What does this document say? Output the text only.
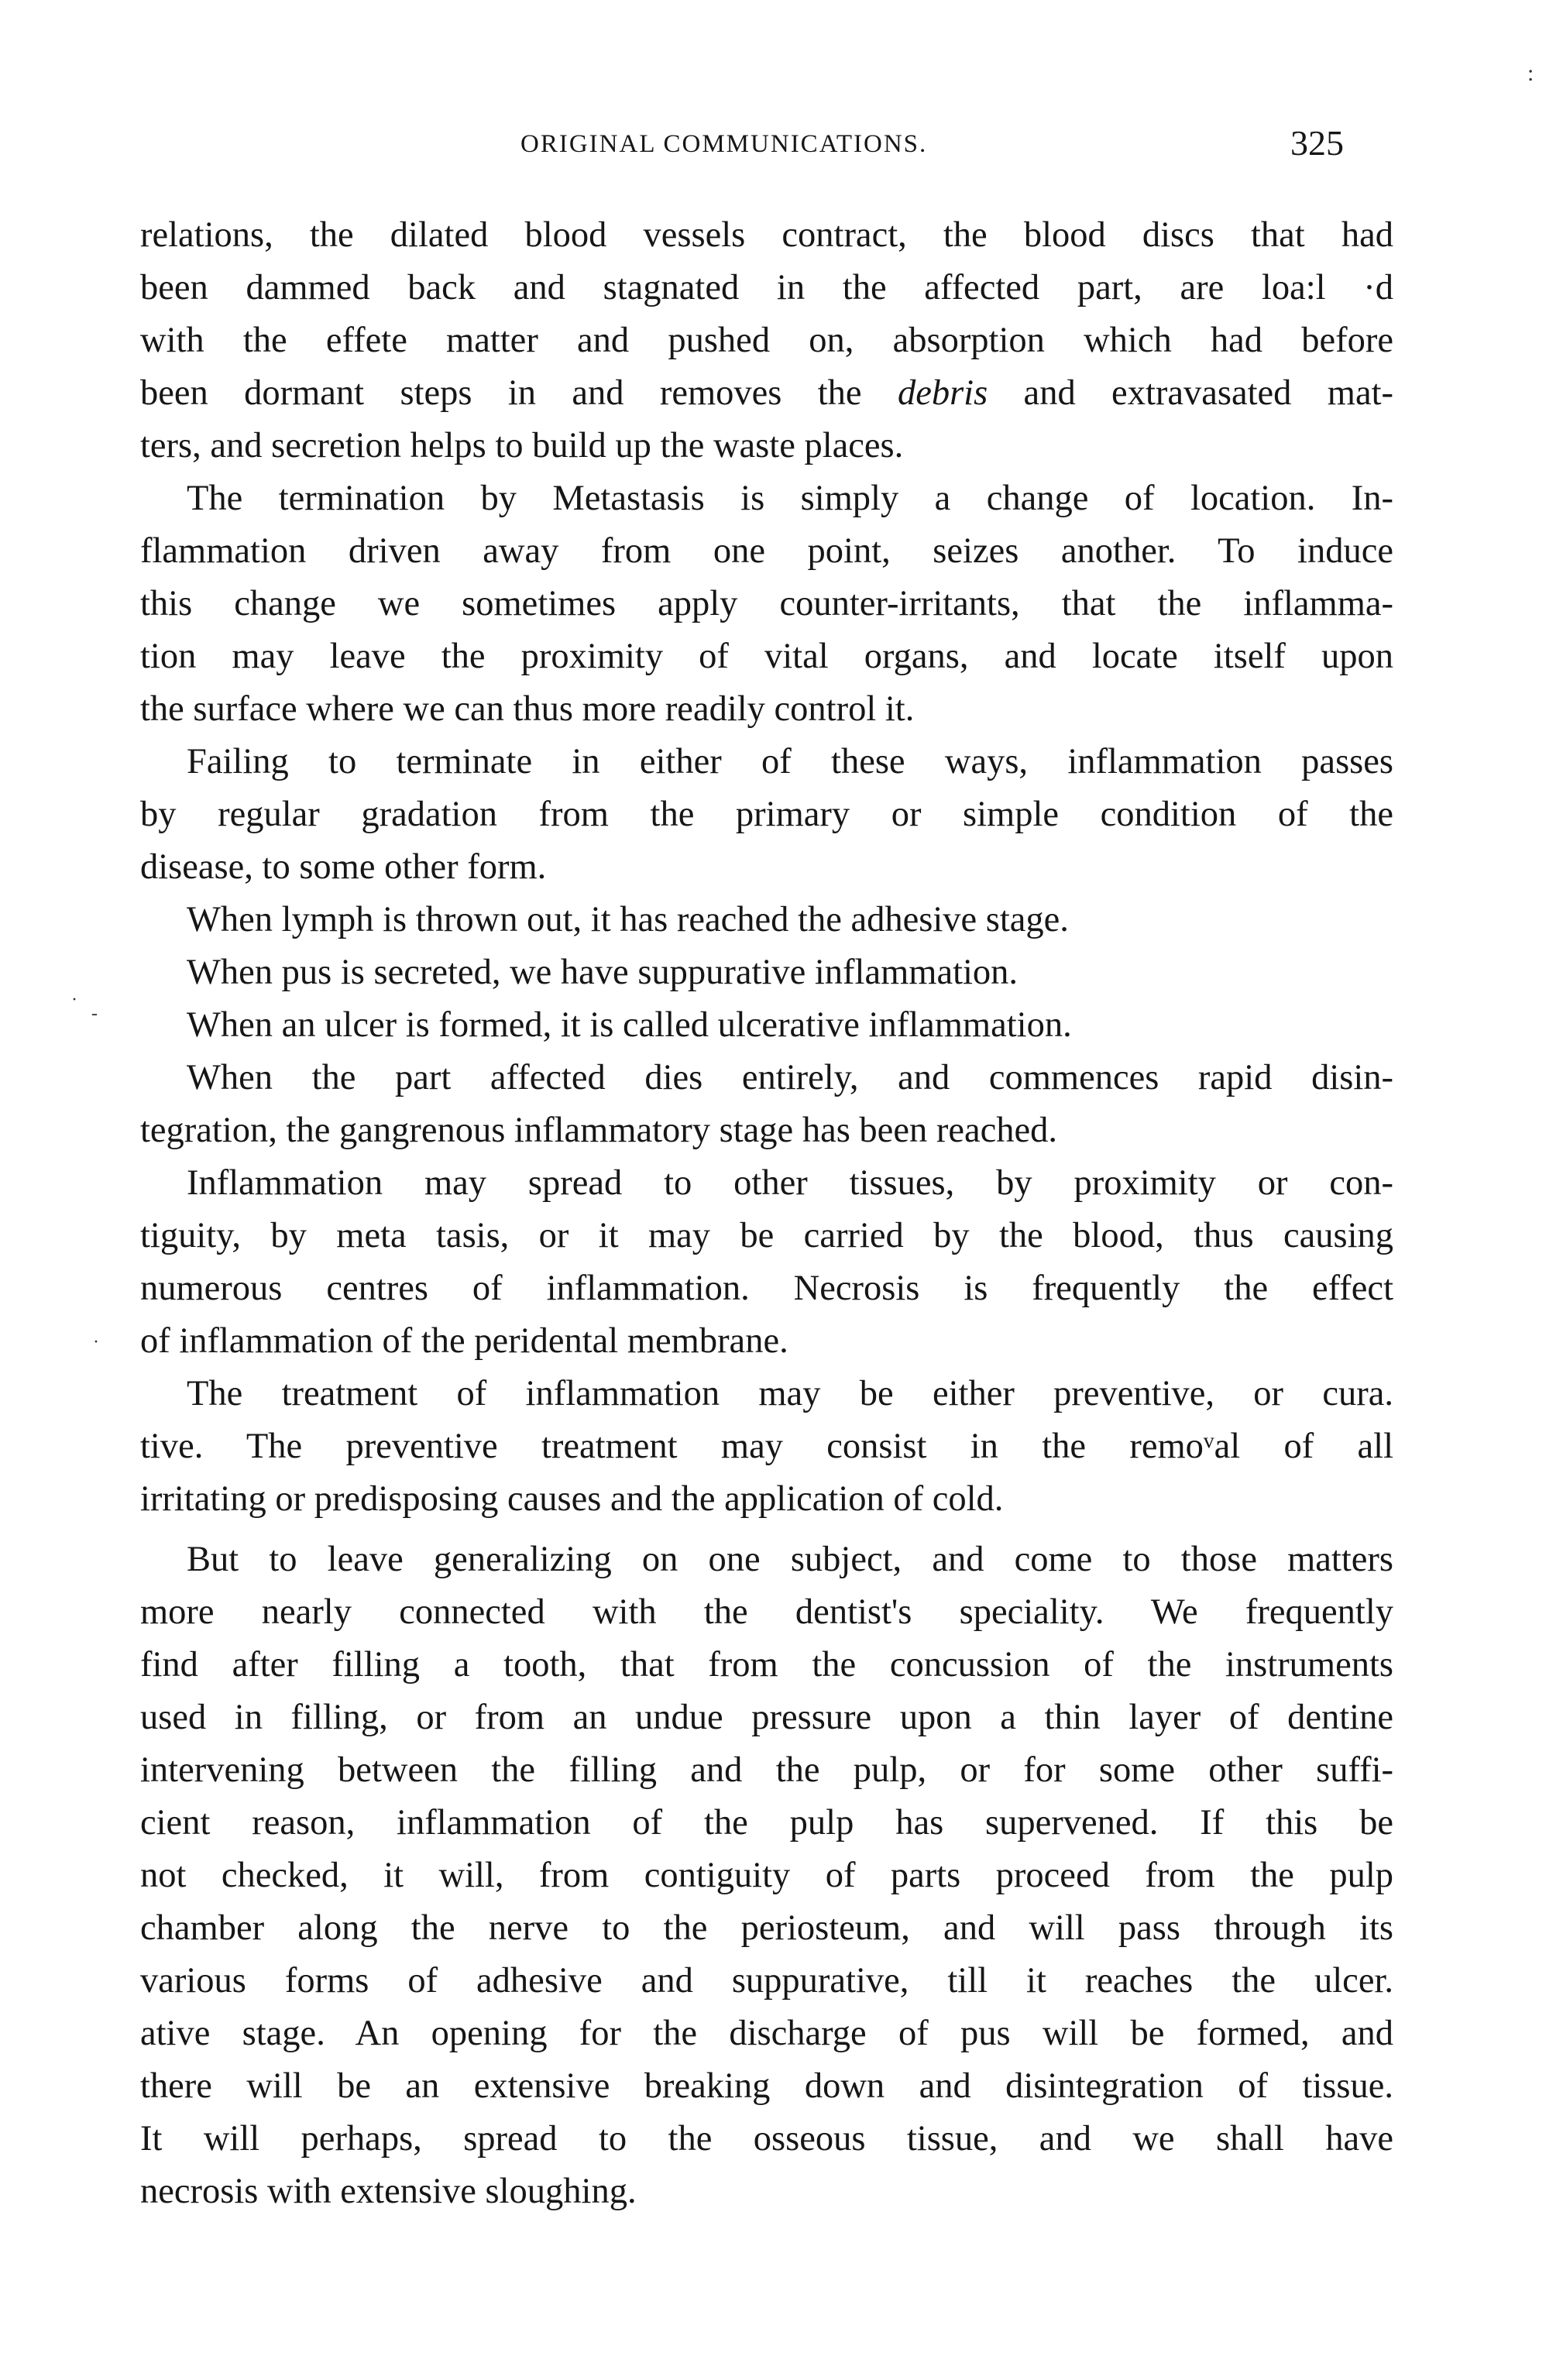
ORIGINAL COMMUNICATIONS.	325
:
·
-
·
relations, the dilated blood vessels contract, the blood discs that had
been dammed back and stagnated in the affected part, are loa:l ·d
with the effete matter and pushed on, absorption which had before
been dormant steps in and removes the debris and extravasated mat-
ters, and secretion helps to build up the waste places.
The termination by Metastasis is simply a change of location. In-
flammation driven away from one point, seizes another. To induce
this change we sometimes apply counter-irritants, that the inflamma-
tion may leave the proximity of vital organs, and locate itself upon
the surface where we can thus more readily control it.
Failing to terminate in either of these ways, inflammation passes
by regular gradation from the primary or simple condition of the
disease, to some other form.
When lymph is thrown out, it has reached the adhesive stage.
When pus is secreted, we have suppurative inflammation.
When an ulcer is formed, it is called ulcerative inflammation.
When the part affected dies entirely, and commences rapid disin-
tegration, the gangrenous inflammatory stage has been reached.
Inflammation may spread to other tissues, by proximity or con-
tiguity, by meta tasis, or it may be carried by the blood, thus causing
numerous centres of inflammation. Necrosis is frequently the effect
of inflammation of the peridental membrane.
The treatment of inflammation may be either preventive, or cura.
tive. The preventive treatment may consist in the remoᵛal of all
irritating or predisposing causes and the application of cold.
But to leave generalizing on one subject, and come to those matters
more nearly connected with the dentist's speciality. We frequently
find after filling a tooth, that from the concussion of the instruments
used in filling, or from an undue pressure upon a thin layer of dentine
intervening between the filling and the pulp, or for some other suffi-
cient reason, inflammation of the pulp has supervened. If this be
not checked, it will, from contiguity of parts proceed from the pulp
chamber along the nerve to the periosteum, and will pass through its
various forms of adhesive and suppurative, till it reaches the ulcer.
ative stage. An opening for the discharge of pus will be formed, and
there will be an extensive breaking down and disintegration of tissue.
It will perhaps, spread to the osseous tissue, and we shall have
necrosis with extensive sloughing.
